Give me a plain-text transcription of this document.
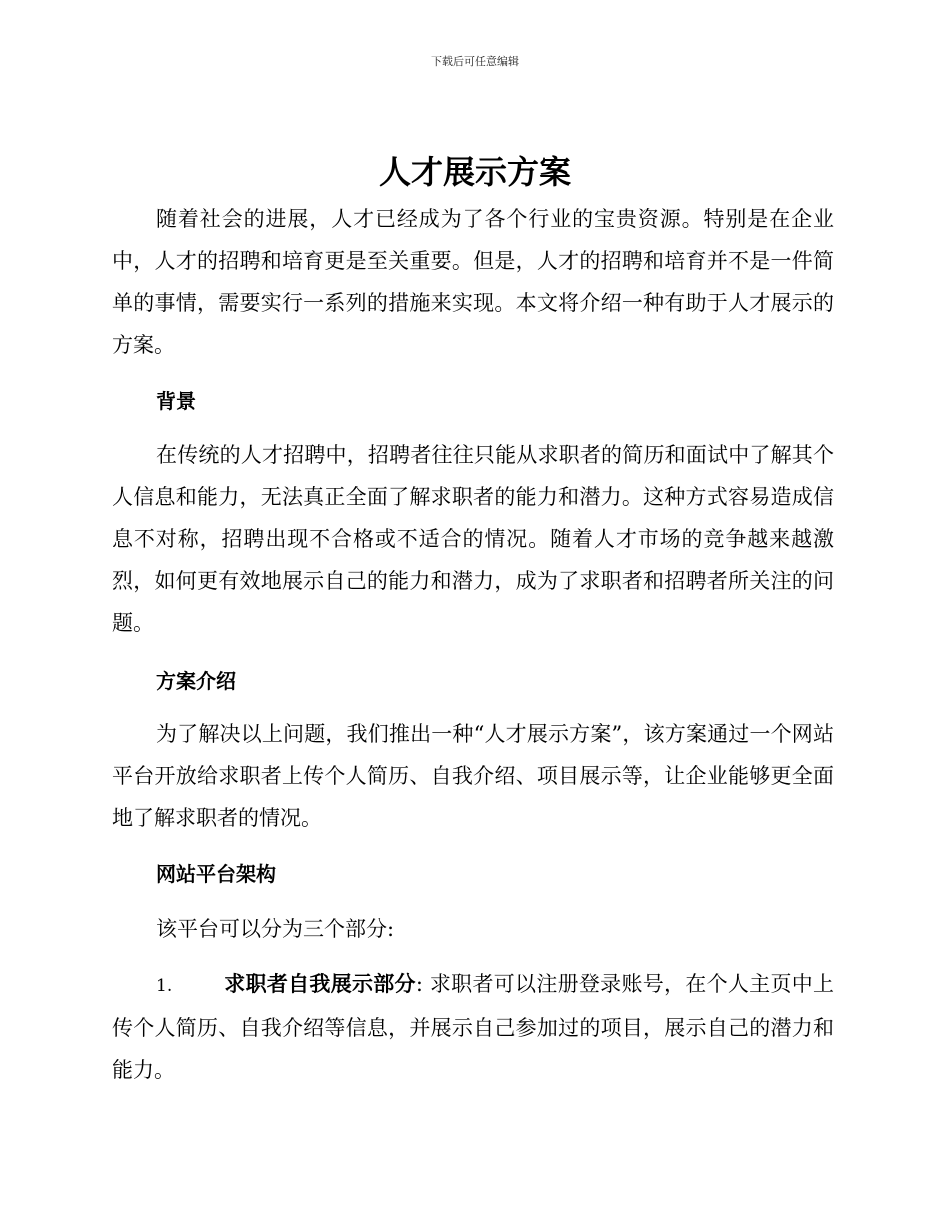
下载后可任意编辑
人才展示方案

随着社会的进展，人才已经成为了各个行业的宝贵资源。特别是在企业中，人才的招聘和培育更是至关重要。但是，人才的招聘和培育并不是一件简单的事情，需要实行一系列的措施来实现。本文将介绍一种有助于人才展示的方案。

背景

在传统的人才招聘中，招聘者往往只能从求职者的简历和面试中了解其个人信息和能力，无法真正全面了解求职者的能力和潜力。这种方式容易造成信息不对称，招聘出现不合格或不适合的情况。随着人才市场的竞争越来越激烈，如何更有效地展示自己的能力和潜力，成为了求职者和招聘者所关注的问题。

方案介绍

为了解决以上问题，我们推出一种“人才展示方案”，该方案通过一个网站平台开放给求职者上传个人简历、自我介绍、项目展示等，让企业能够更全面地了解求职者的情况。

网站平台架构

该平台可以分为三个部分:

1. 求职者自我展示部分: 求职者可以注册登录账号，在个人主页中上传个人简历、自我介绍等信息，并展示自己参加过的项目，展示自己的潜力和能力。
